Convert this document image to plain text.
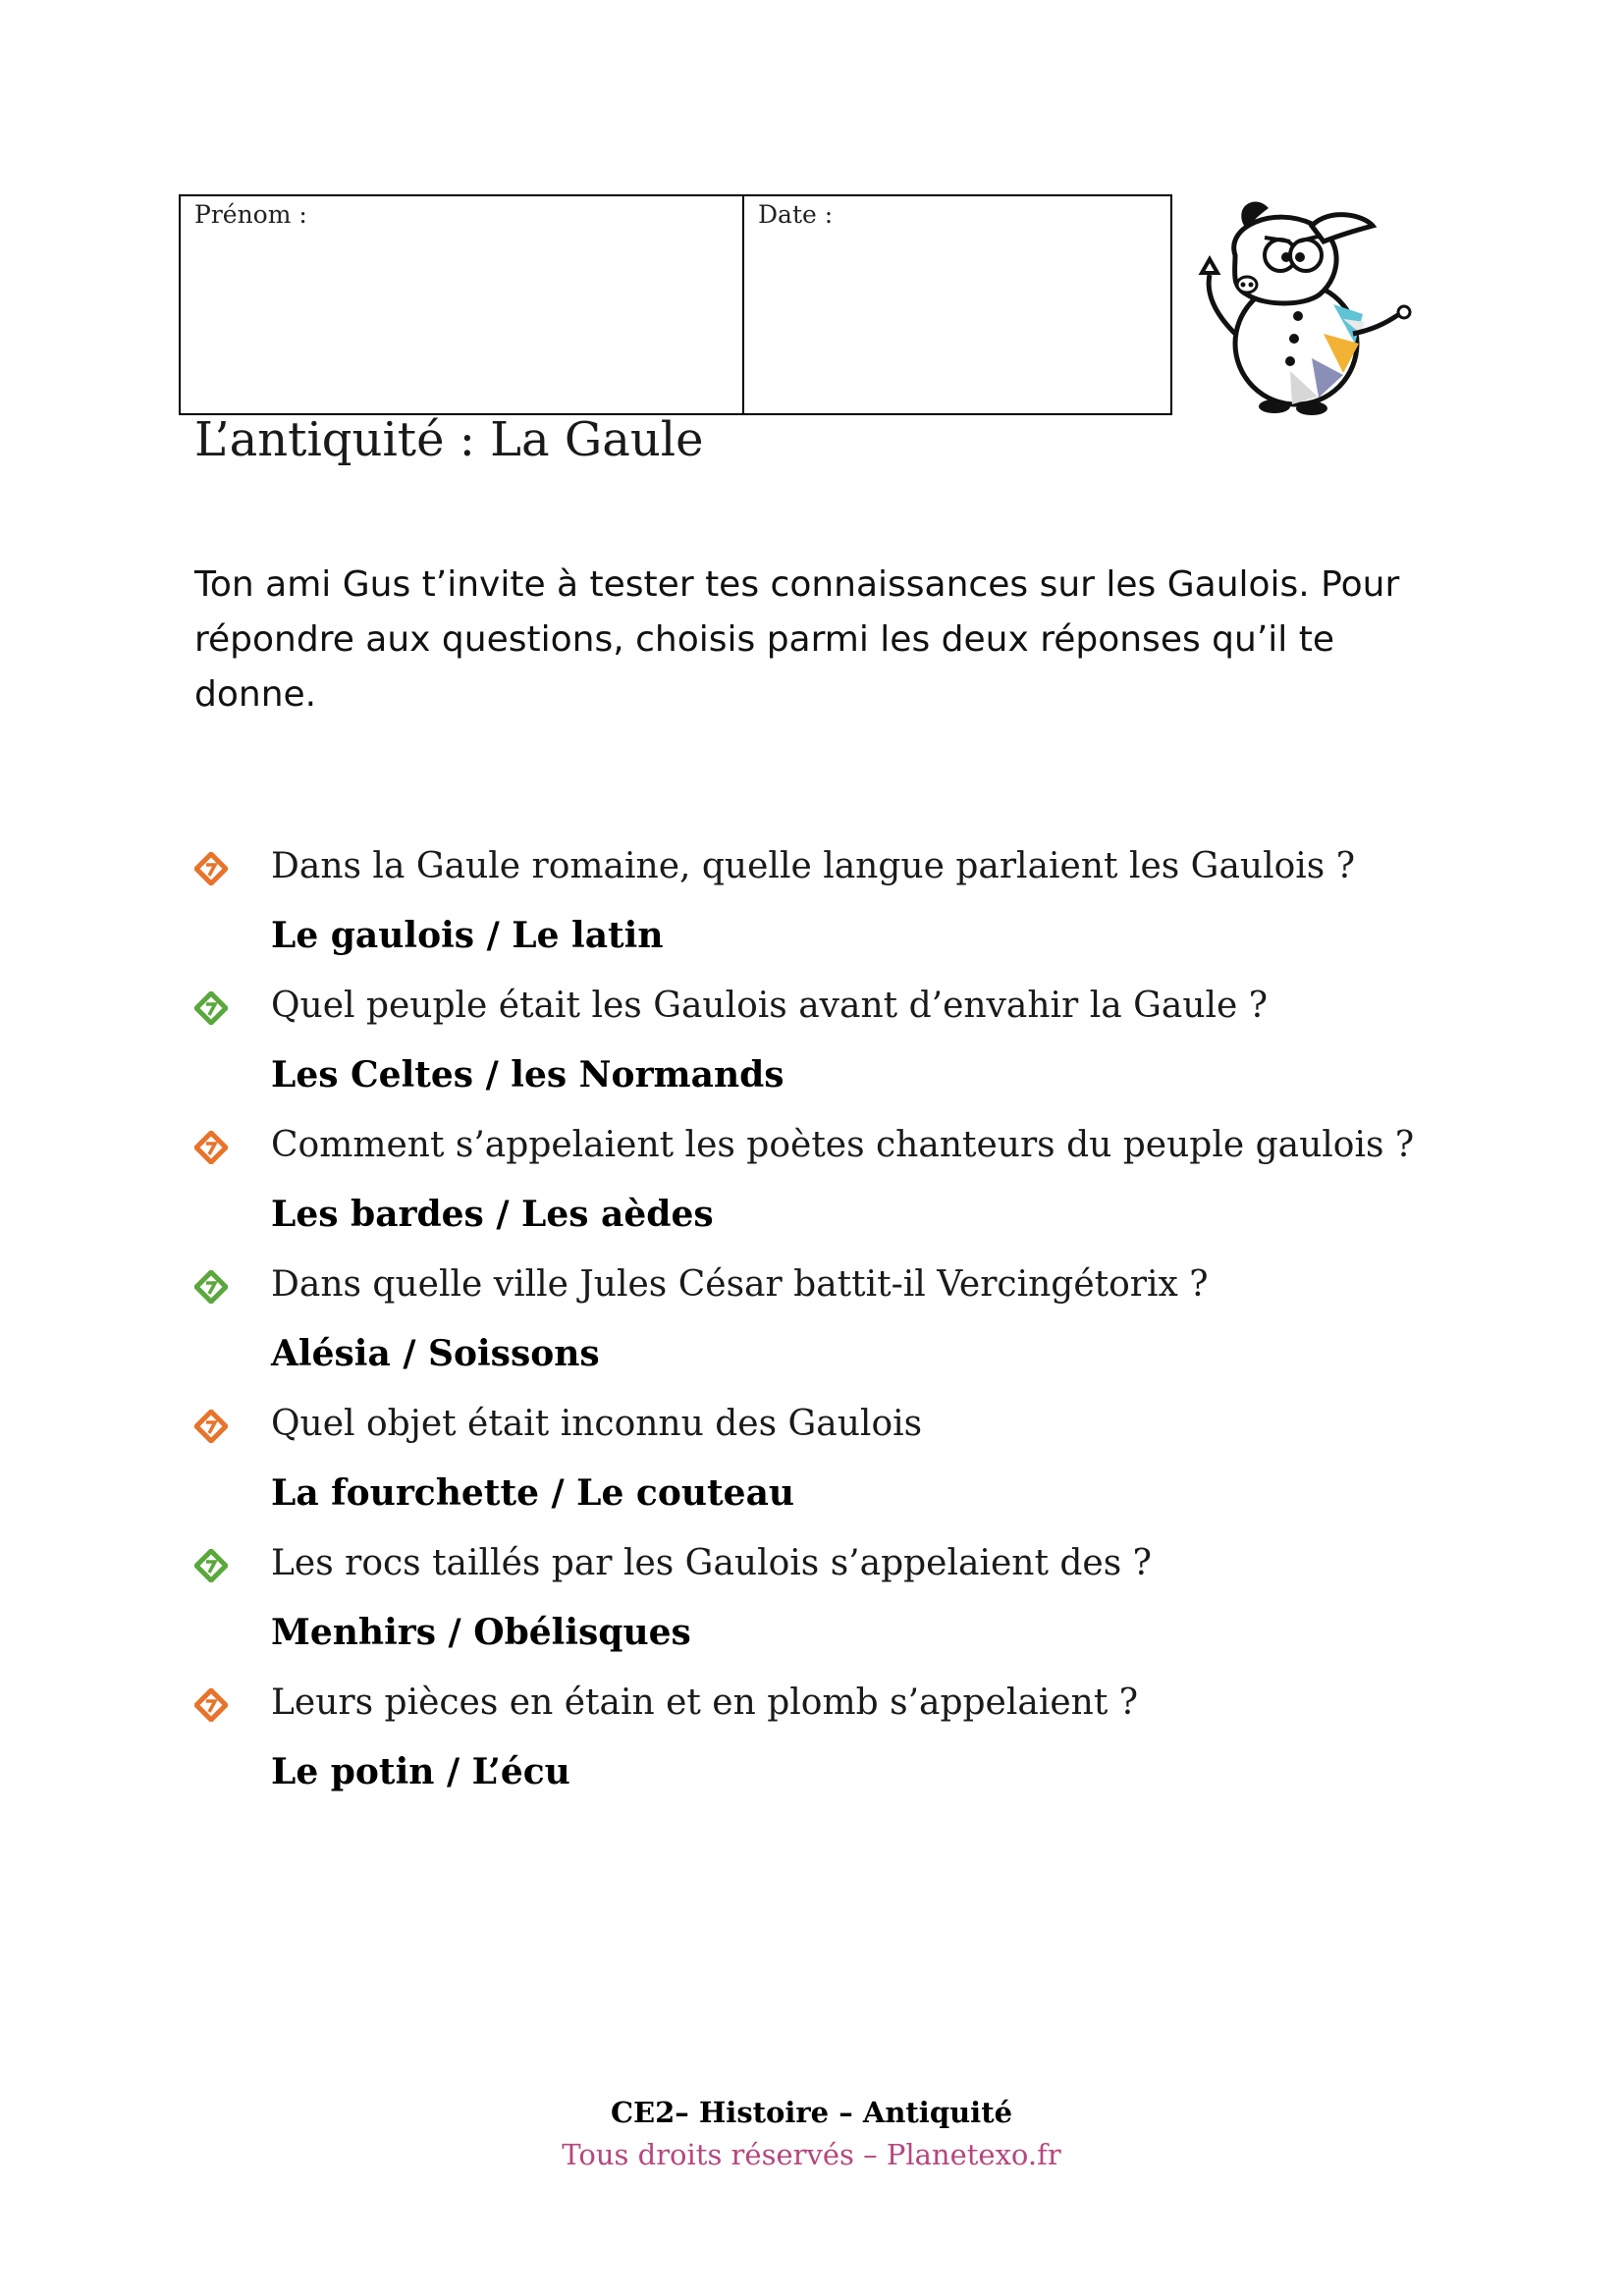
Prénom :	Date :
L’antiquité : La Gaule
Ton ami Gus t’invite à tester tes connaissances sur les Gaulois. Pour répondre aux questions, choisis parmi les deux réponses qu’il te donne.
Dans la Gaule romaine, quelle langue parlaient les Gaulois ?
Le gaulois / Le latin
Quel peuple était les Gaulois avant d’envahir la Gaule ?
Les Celtes / les Normands
Comment s’appelaient les poètes chanteurs du peuple gaulois ?
Les bardes / Les aèdes
Dans quelle ville Jules César battit-il Vercingétorix ?
Alésia / Soissons
Quel objet était inconnu des Gaulois
La fourchette / Le couteau
Les rocs taillés par les Gaulois s’appelaient des ?
Menhirs / Obélisques
Leurs pièces en étain et en plomb s’appelaient ?
Le potin / L’écu
CE2– Histoire – Antiquité
Tous droits réservés – Planetexo.fr
